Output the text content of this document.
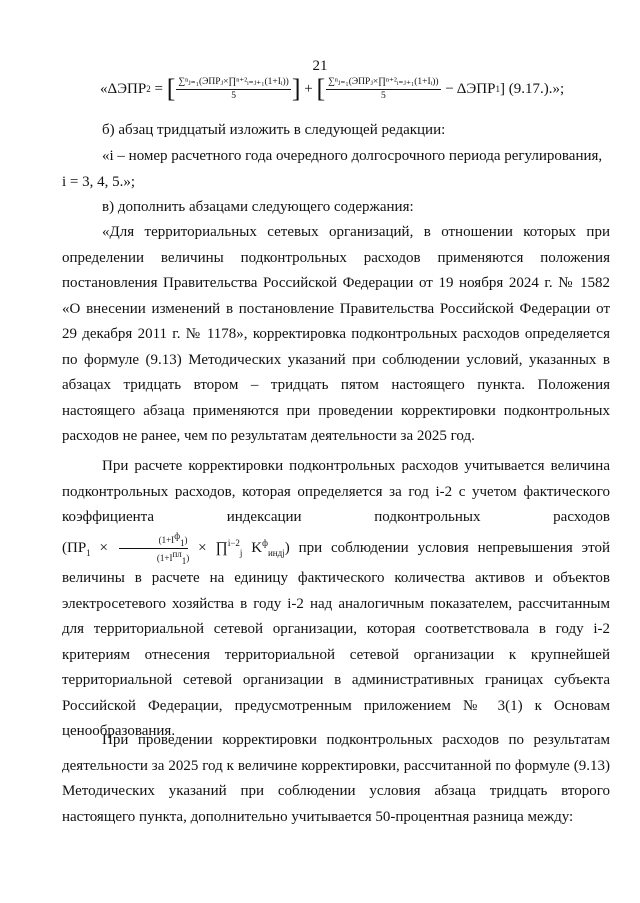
21
«ΔЭПР 2 = [ $\frac{\text{∑ⁿⱼ₌₁(ЭПРⱼ×∏ⁿ⁺²ᵢ₌ⱼ₊₁(1+Iᵢ))}}{5}$ ] + [ $\frac{\text{∑ⁿⱼ₌₁(ЭПРⱼ×∏ⁿ⁺²ᵢ₌ⱼ₊₁(1+Iᵢ))}}{5} - \Delta ЭПР$ 1 ] (9.17.).»;
б) абзац тридцатый изложить в следующей редакции:
«i – номер расчетного года очередного долгосрочного периода регулирования,
i = 3, 4, 5.»;
в) дополнить абзацами следующего содержания:
«Для территориальных сетевых организаций, в отношении которых при определении величины подконтрольных расходов применяются положения постановления Правительства Российской Федерации от 19 ноября 2024 г. № 1582 «О внесении изменений в постановление Правительства Российской Федерации от 29 декабря 2011 г. № 1178», корректировка подконтрольных расходов определяется по формуле (9.13) Методических указаний при соблюдении условий, указанных в абзацах тридцать втором – тридцать пятом настоящего пункта. Положения настоящего абзаца применяются при проведении корректировки подконтрольных расходов не ранее, чем по результатам деятельности за 2025 год.
При расчете корректировки подконтрольных расходов учитывается величина подконтрольных расходов, которая определяется за год i-2 с учетом фактического коэффициента индексации подконтрольных расходов ($ПР_1 \times \frac{(1+I^ф_1)}{(1+I^{пл}_1)}$ × ∏$^{i-2}_j$ $K^ф_{индj}$) при соблюдении условия непревышения этой величины в расчете на единицу фактического количества активов и объектов электросетевого хозяйства в году i-2 над аналогичным показателем, рассчитанным для территориальной сетевой организации, которая соответствовала в году i-2 критериям отнесения территориальной сетевой организации к крупнейшей территориальной сетевой организации в административных границах субъекта Российской Федерации, предусмотренным приложением № 3(1) к Основам ценообразования.
При проведении корректировки подконтрольных расходов по результатам деятельности за 2025 год к величине корректировки, рассчитанной по формуле (9.13) Методических указаний при соблюдении условия абзаца тридцать второго настоящего пункта, дополнительно учитывается 50-процентная разница между:
